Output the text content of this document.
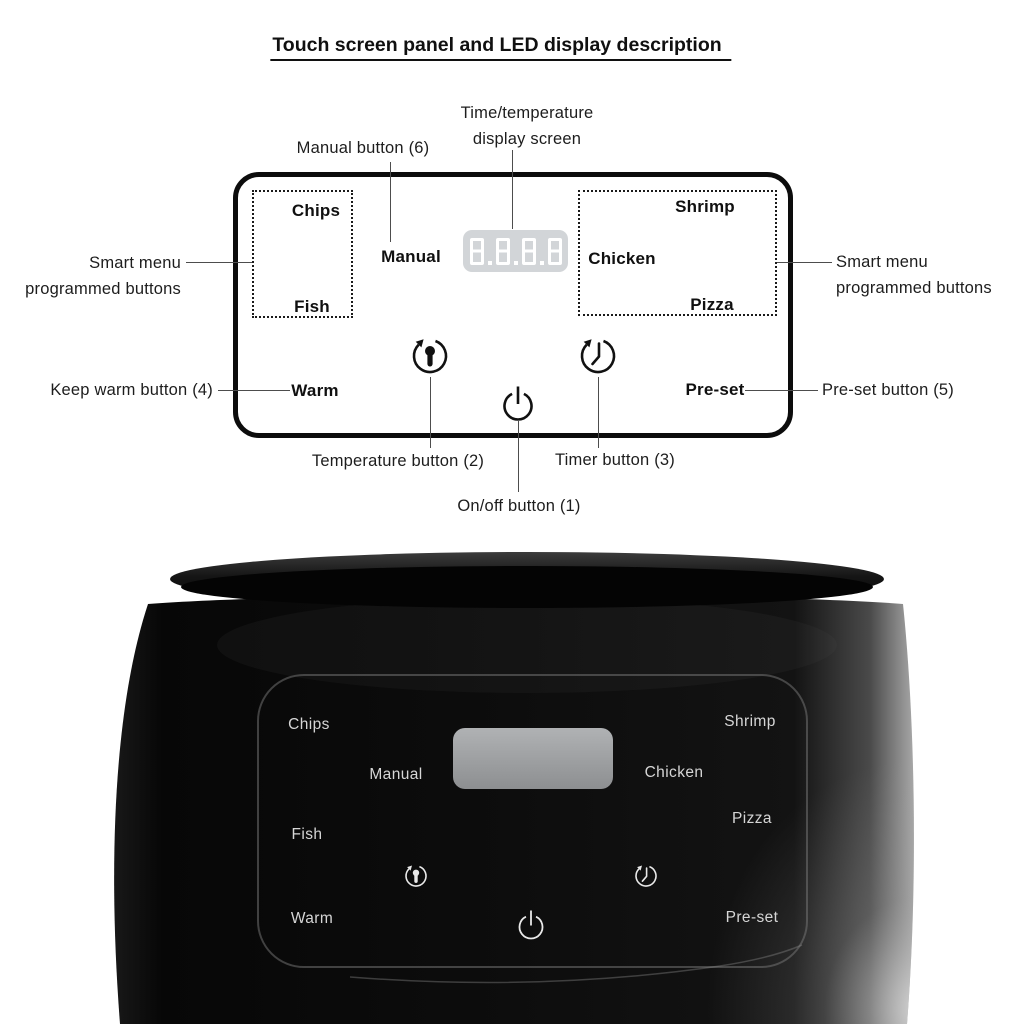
Touch screen panel and LED display description
Chips
Fish
Manual
Shrimp
Chicken
Pizza
Warm	Pre-set
Time/temperature
display screen
Manual button (6)
Smart menu
programmed buttons
Smart menu
programmed buttons
Keep warm button (4)	Pre-set button (5)
Temperature button (2)	Timer button (3)
On/off button (1)
Chips
Manual
Fish
Warm
Shrimp
Chicken
Pizza
Pre-set
